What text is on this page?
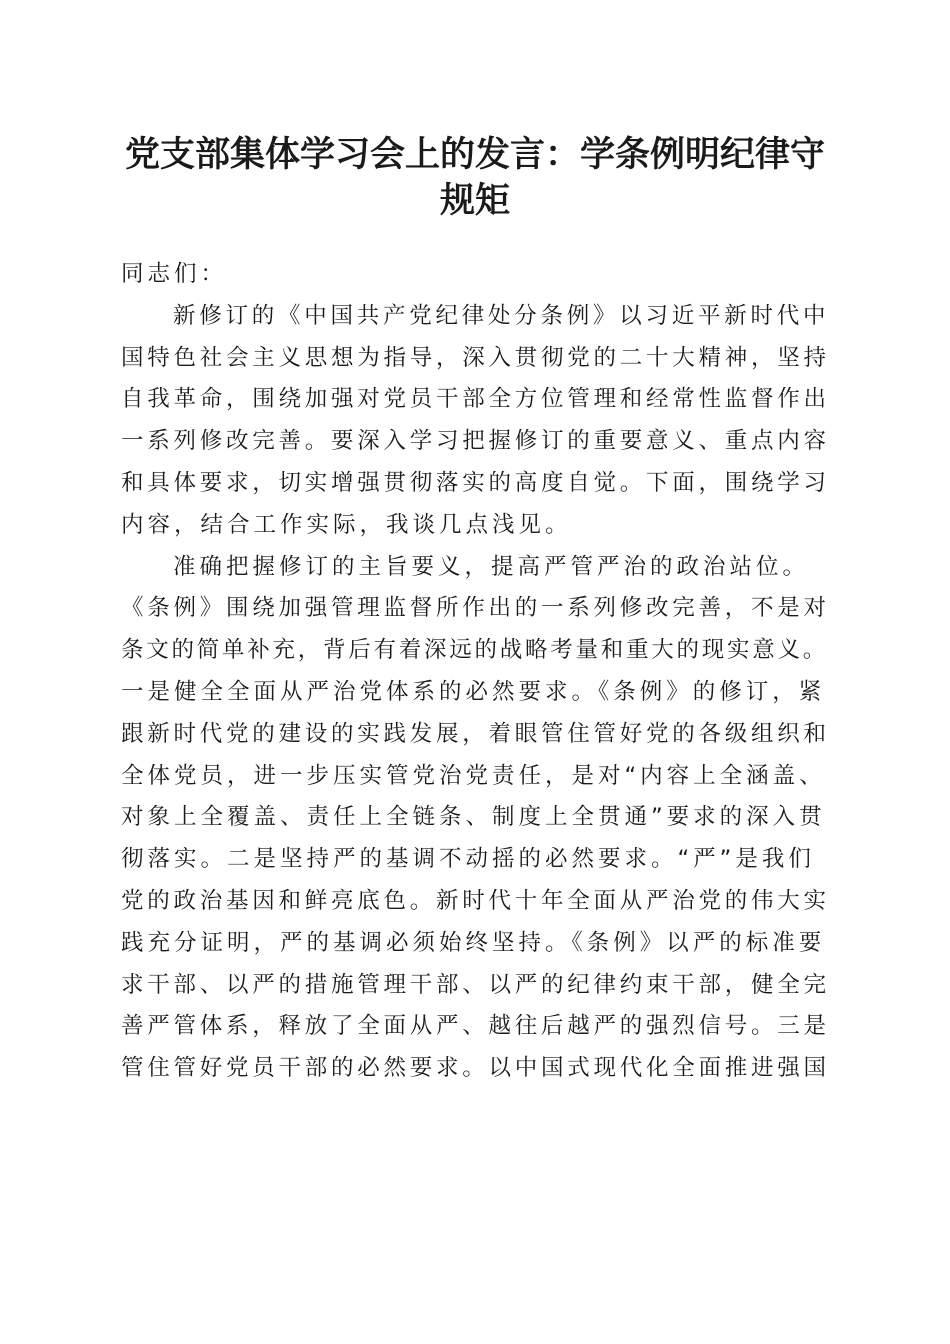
党支部集体学习会上的发言：学条例明纪律守
规矩
同志们：
新修订的《中国共产党纪律处分条例》以习近平新时代中
国特色社会主义思想为指导，深入贯彻党的二十大精神，坚持
自我革命，围绕加强对党员干部全方位管理和经常性监督作出
一系列修改完善。要深入学习把握修订的重要意义、重点内容
和具体要求，切实增强贯彻落实的高度自觉。下面，围绕学习
内容，结合工作实际，我谈几点浅见。
准确把握修订的主旨要义，提高严管严治的政治站位。
《条例》围绕加强管理监督所作出的一系列修改完善，不是对
条文的简单补充，背后有着深远的战略考量和重大的现实意义。
一是健全全面从严治党体系的必然要求。《条例》的修订，紧
跟新时代党的建设的实践发展，着眼管住管好党的各级组织和
全体党员，进一步压实管党治党责任，是对“内容上全涵盖、
对象上全覆盖、责任上全链条、制度上全贯通”要求的深入贯
彻落实。二是坚持严的基调不动摇的必然要求。“严”是我们
党的政治基因和鲜亮底色。新时代十年全面从严治党的伟大实
践充分证明，严的基调必须始终坚持。《条例》以严的标准要
求干部、以严的措施管理干部、以严的纪律约束干部，健全完
善严管体系，释放了全面从严、越往后越严的强烈信号。三是
管住管好党员干部的必然要求。以中国式现代化全面推进强国
